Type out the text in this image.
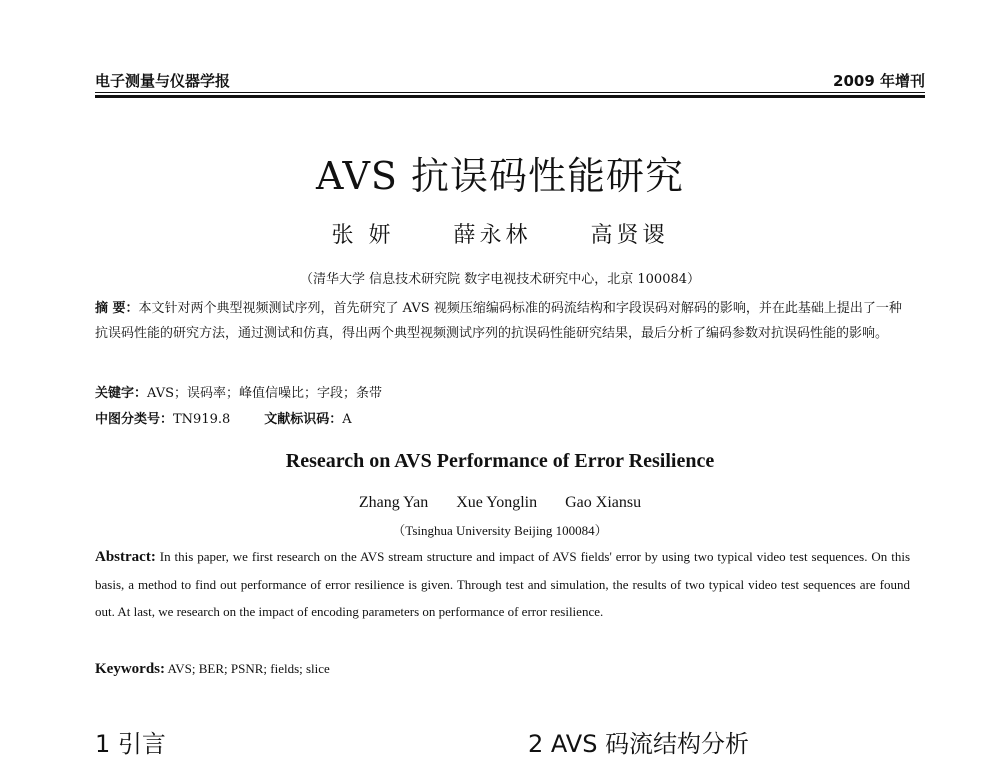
电子测量与仪器学报	2009 年增刊
AVS 抗误码性能研究
张 妍	薛永林	高贤谡
（清华大学 信息技术研究院 数字电视技术研究中心，北京 100084）
摘 要：本文针对两个典型视频测试序列，首先研究了 AVS 视频压缩编码标准的码流结构和字段误码对解码的影响，并在此基础上提出了一种抗误码性能的研究方法，通过测试和仿真，得出两个典型视频测试序列的抗误码性能研究结果，最后分析了编码参数对抗误码性能的影响。
关键字：AVS；误码率；峰值信噪比；字段；条带
中图分类号：TN919.8	文献标识码：A
Research on AVS Performance of Error Resilience
Zhang Yan Xue Yonglin Gao Xiansu
（Tsinghua University Beijing 100084）
Abstract: In this paper, we first research on the AVS stream structure and impact of AVS fields' error by using two typical video test sequences. On this basis, a method to find out performance of error resilience is given. Through test and simulation, the results of two typical video test sequences are found out. At last, we research on the impact of encoding parameters on performance of error resilience.
Keywords: AVS; BER; PSNR; fields; slice
1 引言	2 AVS 码流结构分析
